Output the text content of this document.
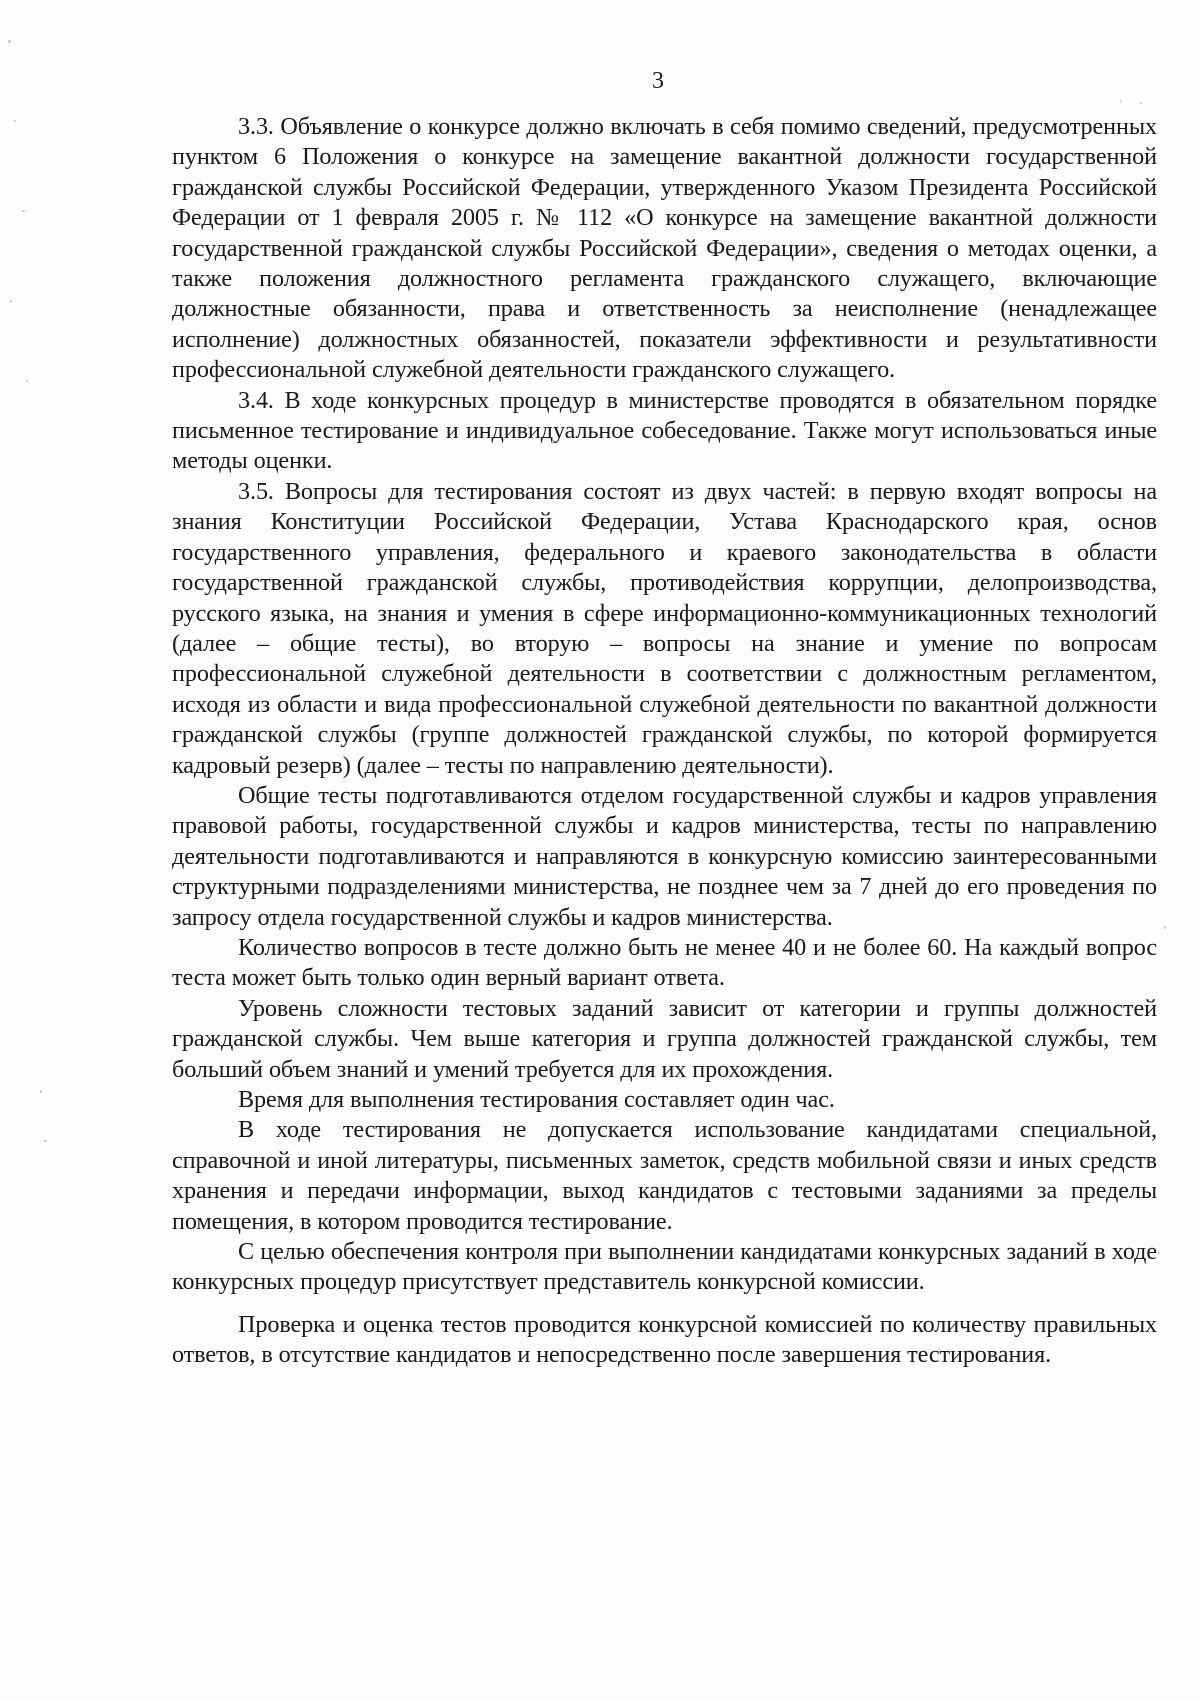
3

3.3. Объявление о конкурсе должно включать в себя помимо сведений, предусмотренных пунктом 6 Положения о конкурсе на замещение вакантной должности государственной гражданской службы Российской Федерации, утвержденного Указом Президента Российской Федерации от 1 февраля 2005 г. № 112 «О конкурсе на замещение вакантной должности государственной гражданской службы Российской Федерации», сведения о методах оценки, а также положения должностного регламента гражданского служащего, включающие должностные обязанности, права и ответственность за неисполнение (ненадлежащее исполнение) должностных обязанностей, показатели эффективности и результативности профессиональной служебной деятельности гражданского служащего.

3.4. В ходе конкурсных процедур в министерстве проводятся в обязательном порядке письменное тестирование и индивидуальное собеседование. Также могут использоваться иные методы оценки.

3.5. Вопросы для тестирования состоят из двух частей: в первую входят вопросы на знания Конституции Российской Федерации, Устава Краснодарского края, основ государственного управления, федерального и краевого законодательства в области государственной гражданской службы, противодействия коррупции, делопроизводства, русского языка, на знания и умения в сфере информационно-коммуникационных технологий (далее – общие тесты), во вторую – вопросы на знание и умение по вопросам профессиональной служебной деятельности в соответствии с должностным регламентом, исходя из области и вида профессиональной служебной деятельности по вакантной должности гражданской службы (группе должностей гражданской службы, по которой формируется кадровый резерв) (далее – тесты по направлению деятельности).

Общие тесты подготавливаются отделом государственной службы и кадров управления правовой работы, государственной службы и кадров министерства, тесты по направлению деятельности подготавливаются и направляются в конкурсную комиссию заинтересованными структурными подразделениями министерства, не позднее чем за 7 дней до его проведения по запросу отдела государственной службы и кадров министерства.

Количество вопросов в тесте должно быть не менее 40 и не более 60. На каждый вопрос теста может быть только один верный вариант ответа.

Уровень сложности тестовых заданий зависит от категории и группы должностей гражданской службы. Чем выше категория и группа должностей гражданской службы, тем больший объем знаний и умений требуется для их прохождения.

Время для выполнения тестирования составляет один час.

В ходе тестирования не допускается использование кандидатами специальной, справочной и иной литературы, письменных заметок, средств мобильной связи и иных средств хранения и передачи информации, выход кандидатов с тестовыми заданиями за пределы помещения, в котором проводится тестирование.

С целью обеспечения контроля при выполнении кандидатами конкурсных заданий в ходе конкурсных процедур присутствует представитель конкурсной комиссии.

Проверка и оценка тестов проводится конкурсной комиссией по количеству правильных ответов, в отсутствие кандидатов и непосредственно после завершения тестирования.
